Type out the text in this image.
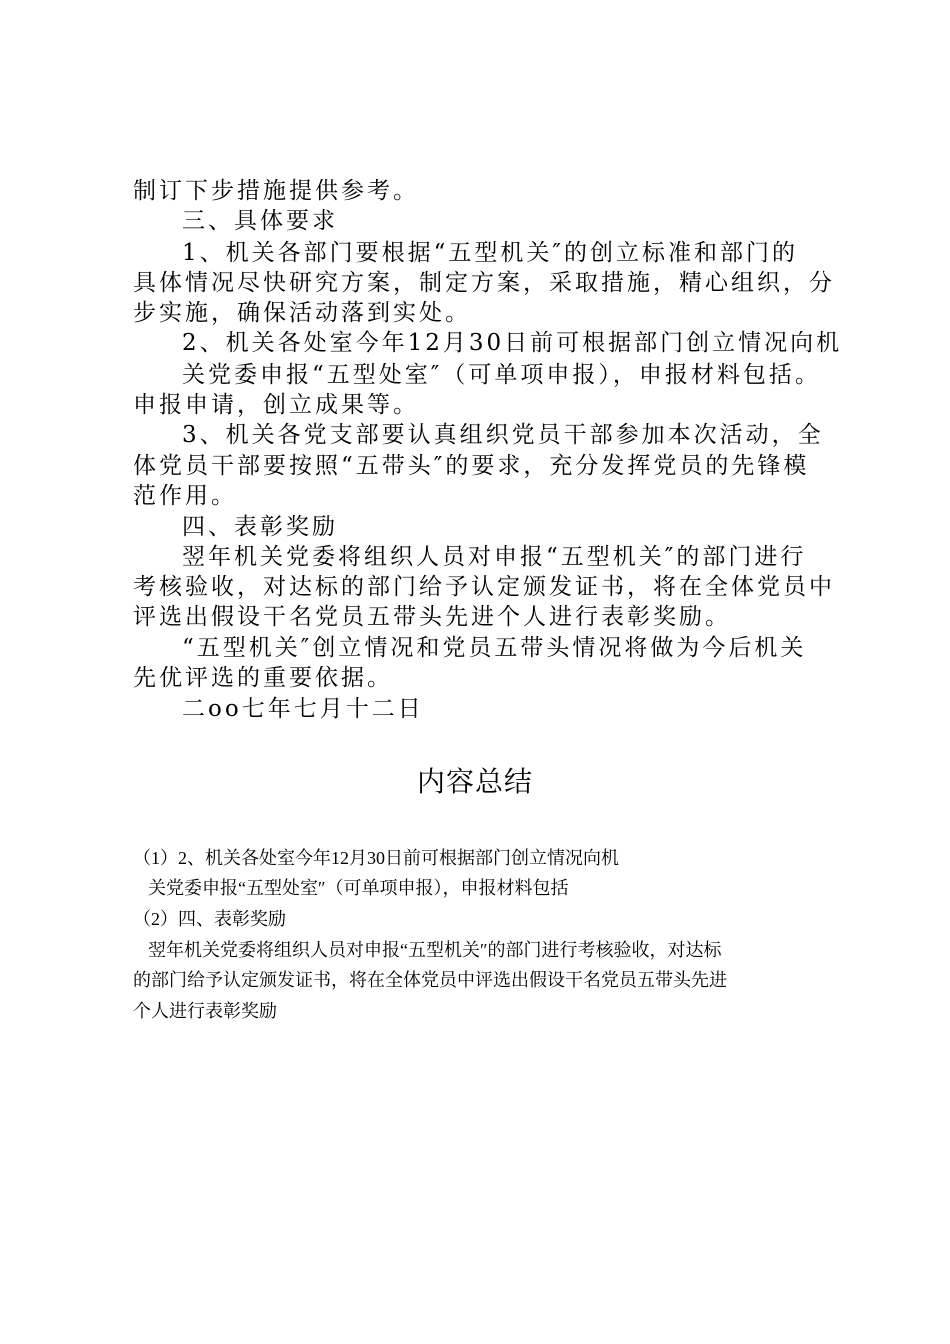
制订下步措施提供参考。
三、具体要求
1、机关各部门要根据“五型机关″的创立标准和部门的
具体情况尽快研究方案，制定方案，采取措施，精心组织，分
步实施，确保活动落到实处。
2、机关各处室今年12月30日前可根据部门创立情况向机
关党委申报“五型处室″（可单项申报），申报材料包括。
申报申请，创立成果等。
3、机关各党支部要认真组织党员干部参加本次活动，全
体党员干部要按照“五带头″的要求，充分发挥党员的先锋模
范作用。
四、表彰奖励
翌年机关党委将组织人员对申报“五型机关″的部门进行
考核验收，对达标的部门给予认定颁发证书，将在全体党员中
评选出假设干名党员五带头先进个人进行表彰奖励。
“五型机关″创立情况和党员五带头情况将做为今后机关
先优评选的重要依据。
二oo七年七月十二日
内容总结
（1）2、机关各处室今年12月30日前可根据部门创立情况向机
关党委申报“五型处室″（可单项申报），申报材料包括
（2）四、表彰奖励
翌年机关党委将组织人员对申报“五型机关″的部门进行考核验收，对达标
的部门给予认定颁发证书，将在全体党员中评选出假设干名党员五带头先进
个人进行表彰奖励
